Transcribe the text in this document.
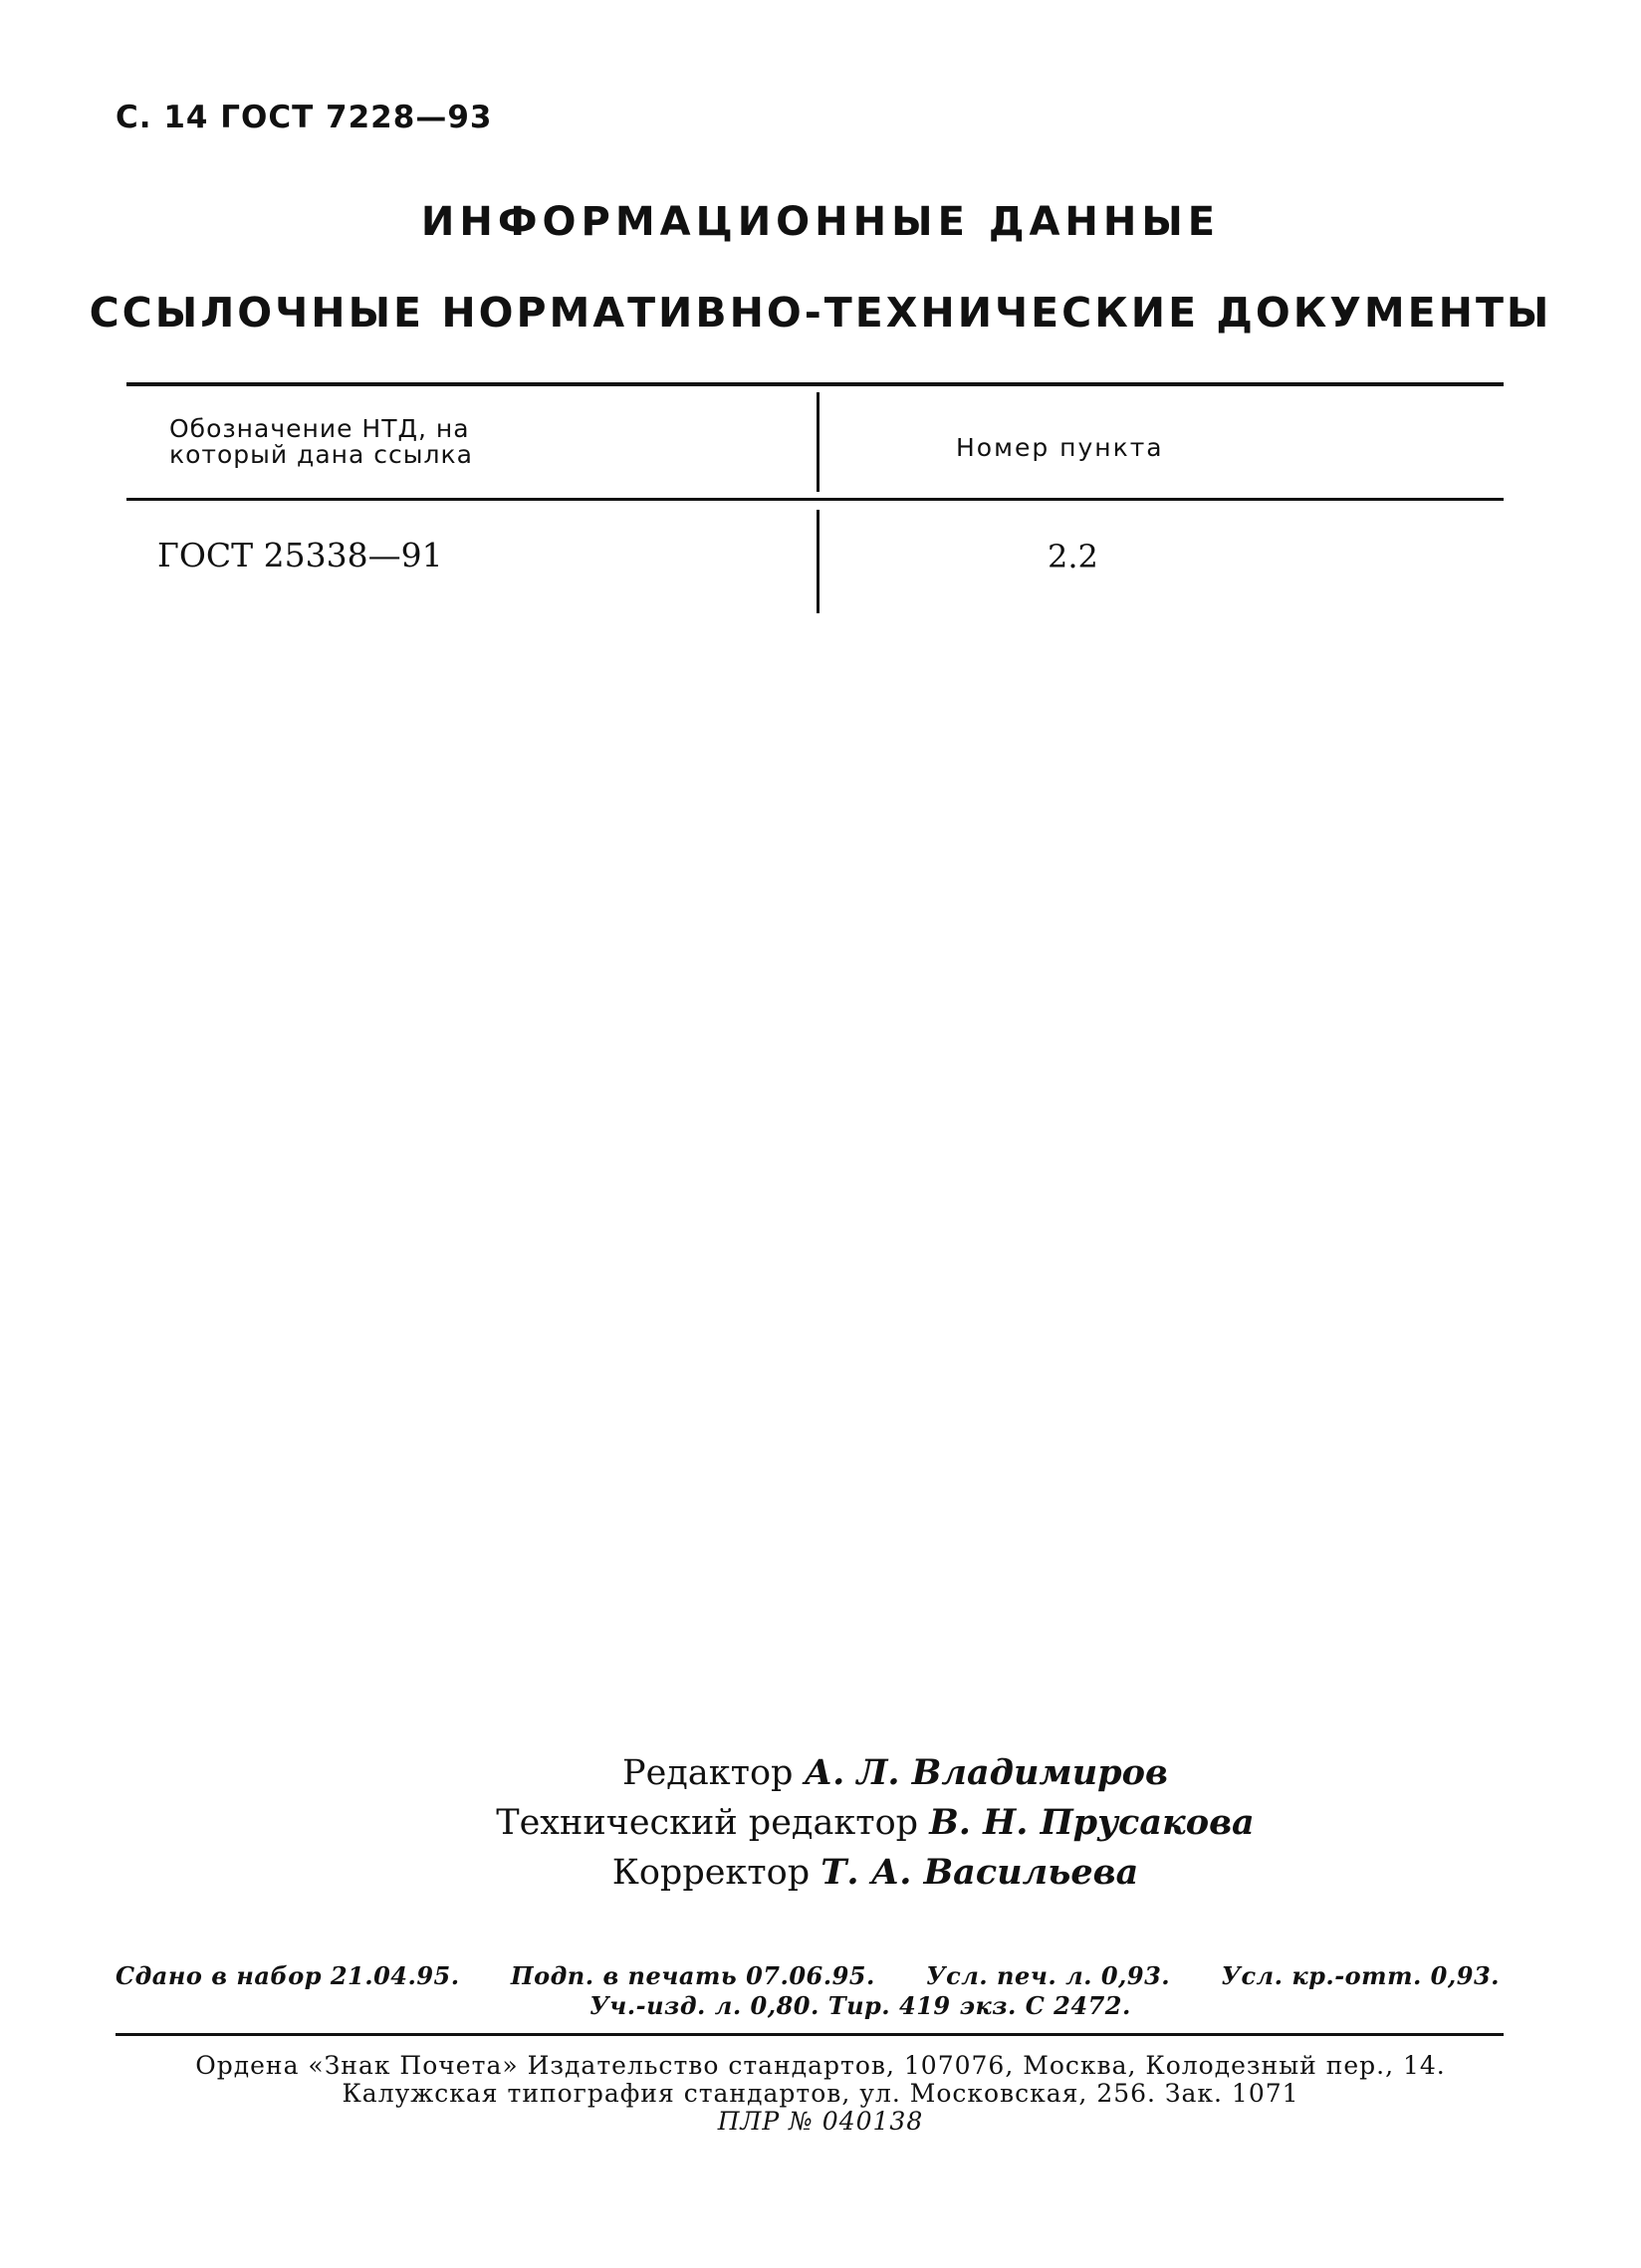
С. 14 ГОСТ 7228—93
ИНФОРМАЦИОННЫЕ ДАННЫЕ
ССЫЛОЧНЫЕ НОРМАТИВНО-ТЕХНИЧЕСКИЕ ДОКУМЕНТЫ
Обозначение НТД, на
который дана ссылка	Номер пункта
ГОСТ 25338—91	2.2
Редактор А. Л. Владимиров
Технический редактор В. Н. Прусакова
Корректор Т. А. Васильева
Сдано в набор 21.04.95. Подп. в печать 07.06.95. Усл. печ. л. 0,93. Усл. кр.-отт. 0,93.
Уч.-изд. л. 0,80. Тир. 419 экз. С 2472.
Ордена «Знак Почета» Издательство стандартов, 107076, Москва, Колодезный пер., 14.
Калужская типография стандартов, ул. Московская, 256. Зак. 1071
ПЛР № 040138
